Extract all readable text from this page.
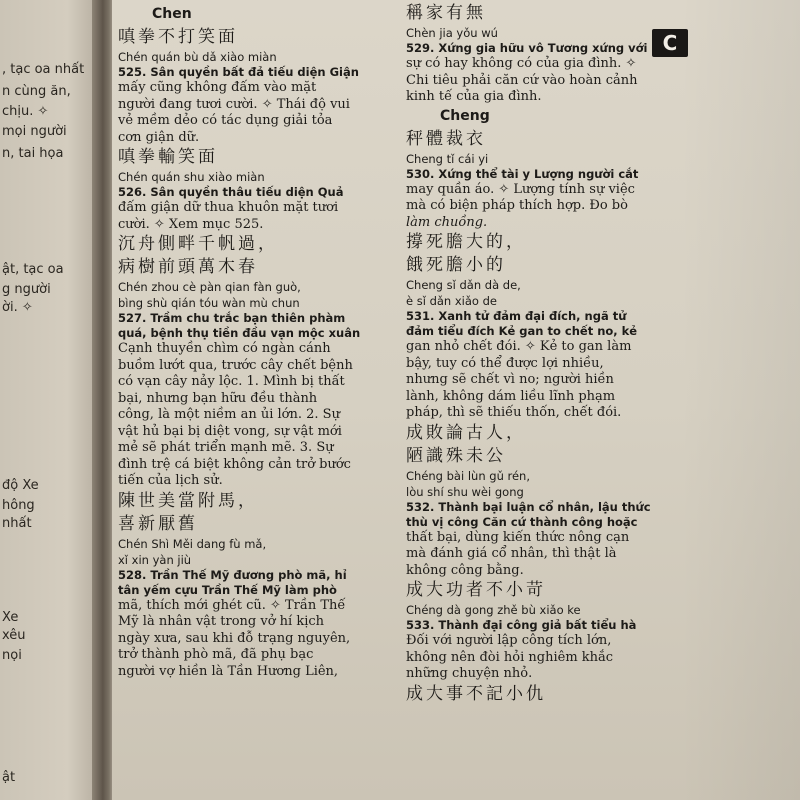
, tạc oa nhất
n cùng ăn,
chịu. ✧
mọi người
n, tai họa
ật, tạc oa
g người
ời. ✧
độ Xe
hông
nhất
Xe
xêu
nọi
ật
Chen
嗔拳不打笑面
Chén quán bù dǎ xiào miàn
525. Sân quyền bất đả tiếu diện Giận
mấy cũng không đấm vào mặt
người đang tươi cười. ✧ Thái độ vui
vẻ mềm dẻo có tác dụng giải tỏa
cơn giận dữ.
嗔拳輸笑面
Chén quán shu xiào miàn
526. Sân quyền thâu tiếu diện Quả
đấm giận dữ thua khuôn mặt tươi
cười. ✧ Xem mục 525.
沉舟側畔千帆過，
病樹前頭萬木春
Chén zhou cè pàn qian fàn guò,
bìng shù qián tóu wàn mù chun
527. Trầm chu trắc bạn thiên phàm
quá, bệnh thụ tiền đầu vạn mộc xuân
Cạnh thuyền chìm có ngàn cánh
buồm lướt qua, trước cây chết bệnh
có vạn cây nảy lộc. 1. Mình bị thất
bại, nhưng bạn hữu đều thành
công, là một niềm an ủi lớn. 2. Sự
vật hủ bại bị diệt vong, sự vật mới
mẻ sẽ phát triển mạnh mẽ. 3. Sự
đình trệ cá biệt không cản trở bước
tiến của lịch sử.
陳世美當附馬，
喜新厭舊
Chén Shì Měi dang fù mǎ,
xǐ xin yàn jiù
528. Trần Thế Mỹ đương phò mã, hỉ
tân yếm cựu Trần Thế Mỹ làm phò
mã, thích mới ghét cũ. ✧ Trần Thế
Mỹ là nhân vật trong vở hí kịch
ngày xưa, sau khi đỗ trạng nguyên,
trở thành phò mã, đã phụ bạc
người vợ hiền là Tần Hương Liên,
稱家有無
Chèn jia yǒu wú
529. Xứng gia hữu vô Tương xứng với
sự có hay không có của gia đình. ✧
Chi tiêu phải căn cứ vào hoàn cảnh
kinh tế của gia đình.
Cheng
秤體裁衣
Cheng tǐ cái yi
530. Xứng thể tài y Lượng người cắt
may quần áo. ✧ Lượng tính sự việc
mà có biện pháp thích hợp. Đo bò
làm chuồng.
撐死膽大的，
餓死膽小的
Cheng sǐ dǎn dà de,
è sǐ dǎn xiǎo de
531. Xanh tử đảm đại đích, ngã tử
đảm tiểu đích Kẻ gan to chết no, kẻ
gan nhỏ chết đói. ✧ Kẻ to gan làm
bậy, tuy có thể được lợi nhiều,
nhưng sẽ chết vì no; người hiền
lành, không dám liều lĩnh phạm
pháp, thì sẽ thiếu thốn, chết đói.
成敗論古人，
陋識殊未公
Chéng bài lùn gǔ rén,
lòu shí shu wèi gong
532. Thành bại luận cổ nhân, lậu thức
thù vị công Căn cứ thành công hoặc
thất bại, dùng kiến thức nông cạn
mà đánh giá cổ nhân, thì thật là
không công bằng.
成大功者不小苛
Chéng dà gong zhě bù xiǎo ke
533. Thành đại công giả bất tiểu hà
Đối với người lập công tích lớn,
không nên đòi hỏi nghiêm khắc
những chuyện nhỏ.
成大事不記小仇
C
